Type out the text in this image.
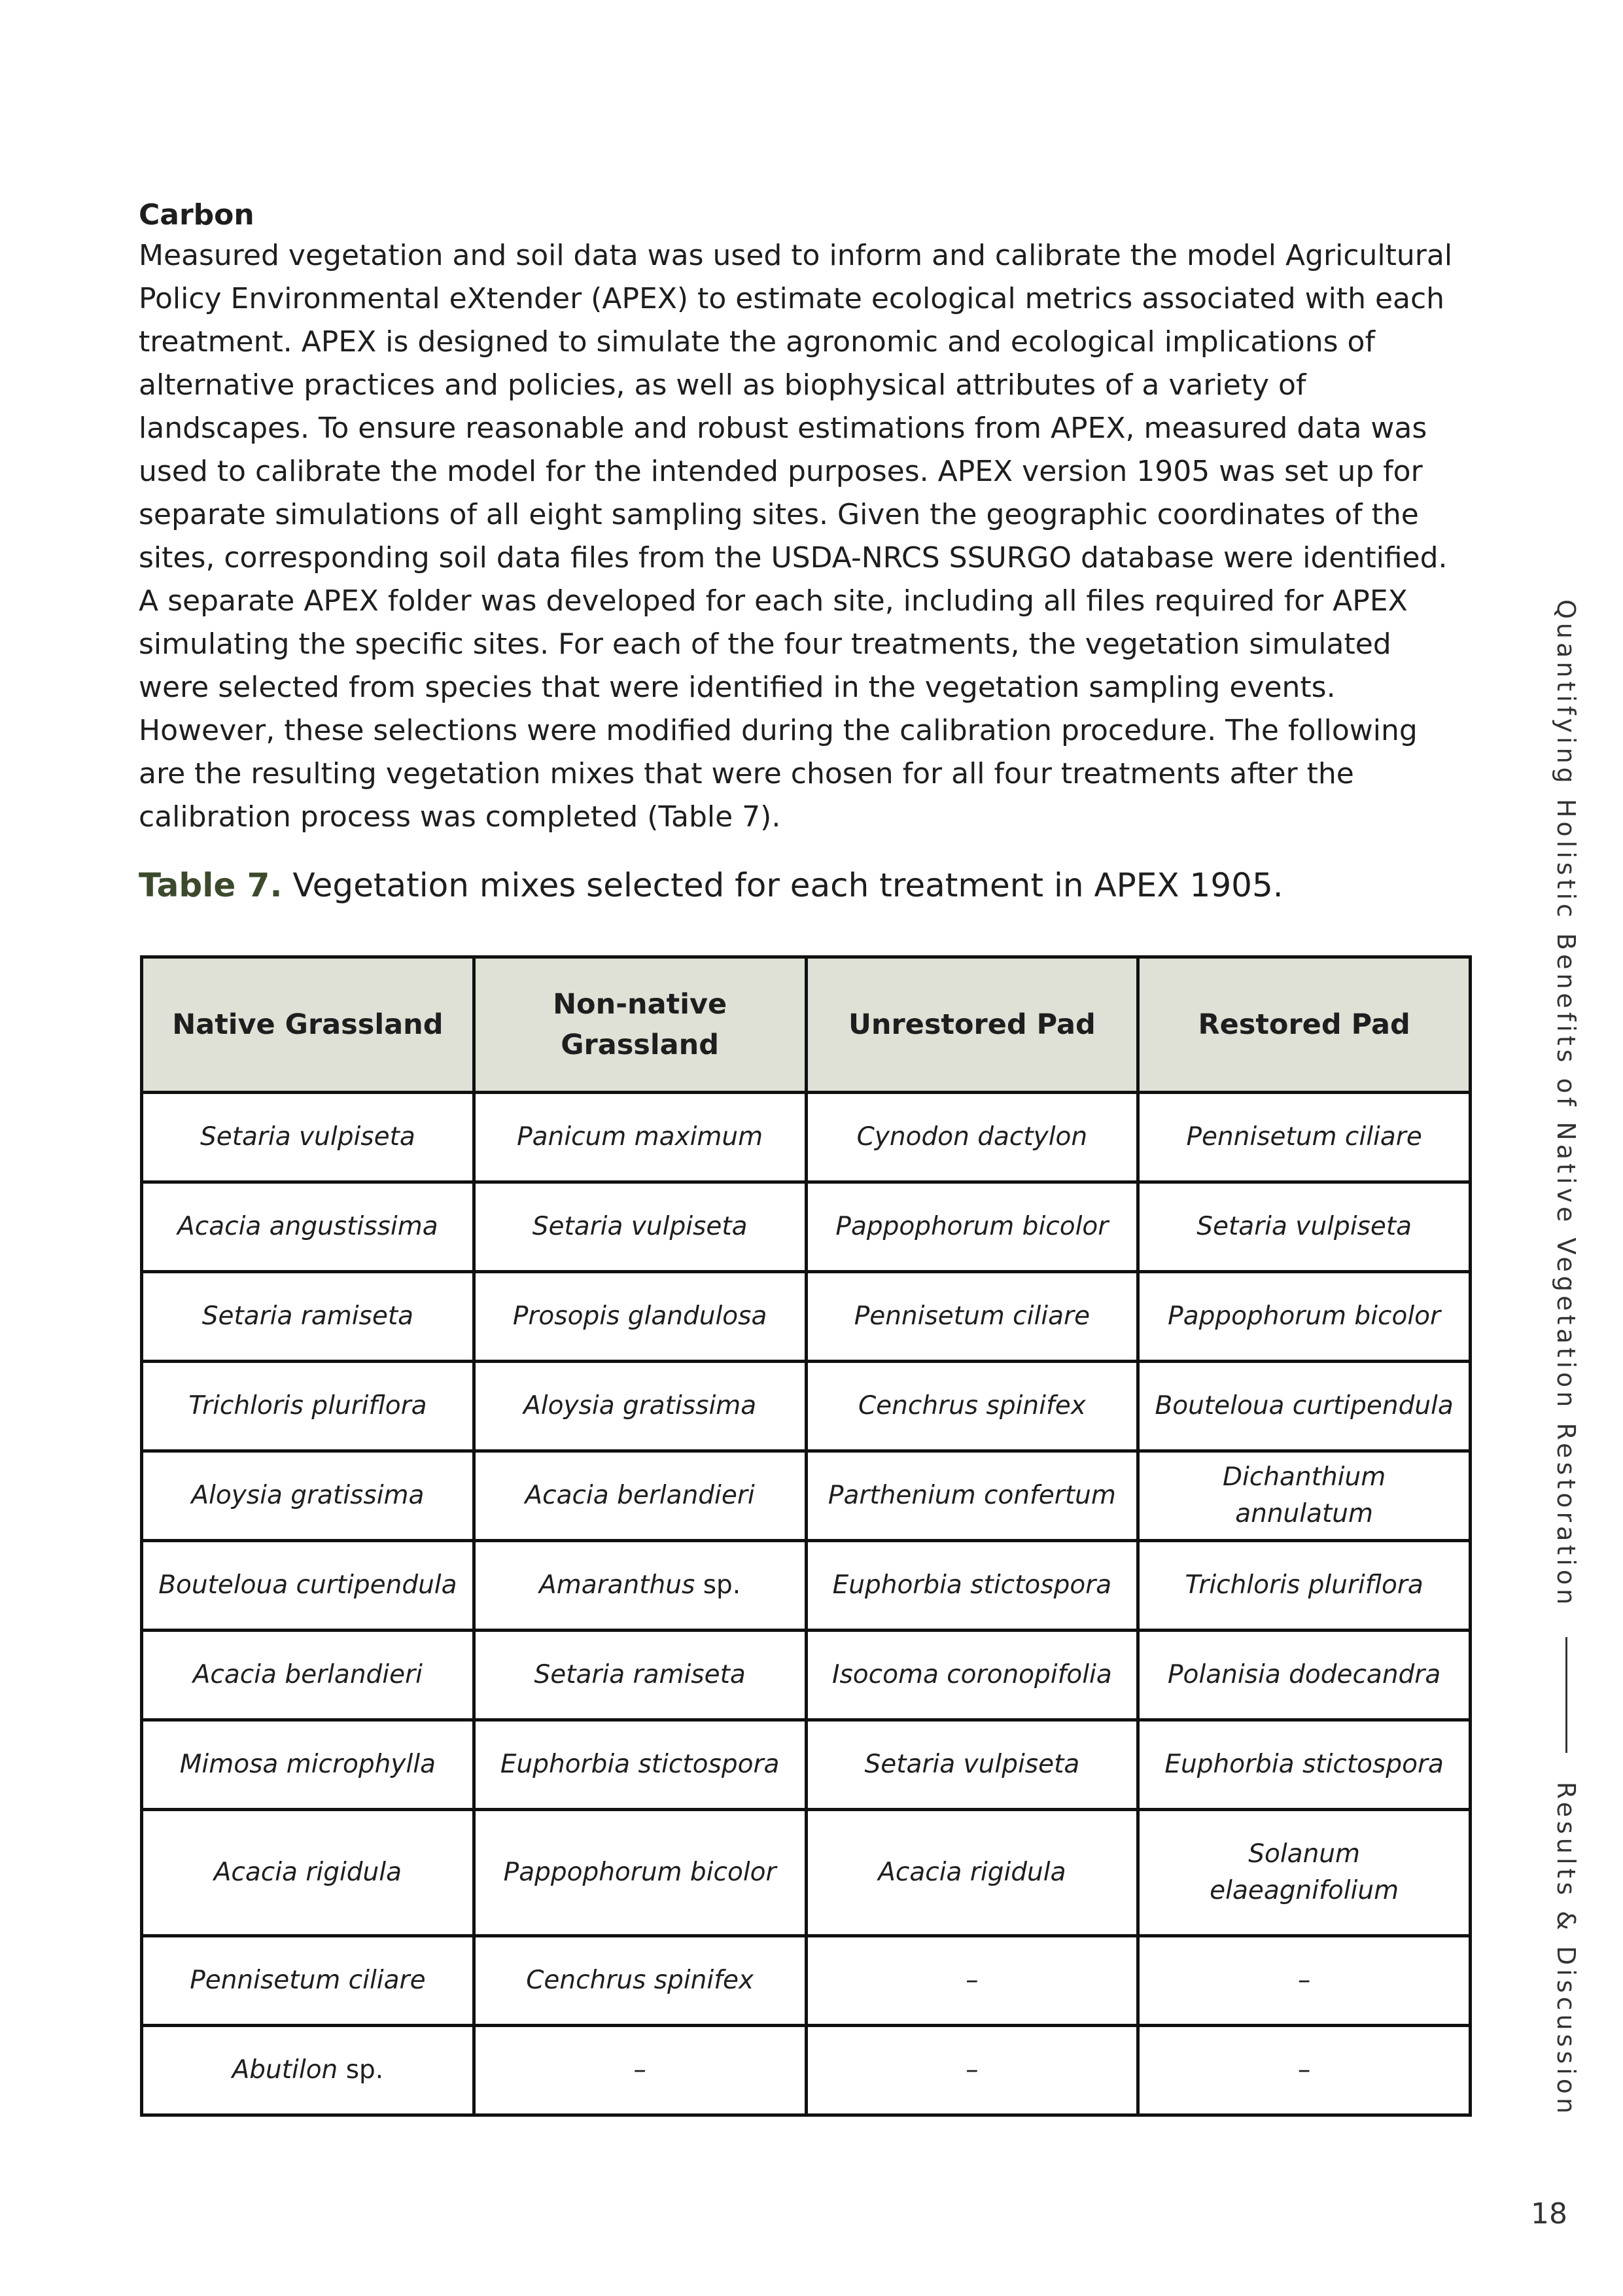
Carbon
Measured vegetation and soil data was used to inform and calibrate the model Agricultural Policy Environmental eXtender (APEX) to estimate ecological metrics associated with each treatment. APEX is designed to simulate the agronomic and ecological implications of alternative practices and policies, as well as biophysical attributes of a variety of landscapes. To ensure reasonable and robust estimations from APEX, measured data was used to calibrate the model for the intended purposes. APEX version 1905 was set up for separate simulations of all eight sampling sites. Given the geographic coordinates of the sites, corresponding soil data files from the USDA-NRCS SSURGO database were identified. A separate APEX folder was developed for each site, including all files required for APEX simulating the specific sites. For each of the four treatments, the vegetation simulated were selected from species that were identified in the vegetation sampling events. However, these selections were modified during the calibration procedure. The following are the resulting vegetation mixes that were chosen for all four treatments after the calibration process was completed (Table 7).
Table 7. Vegetation mixes selected for each treatment in APEX 1905.
Native Grassland	Non-native Grassland	Unrestored Pad	Restored Pad
Setaria vulpiseta	Panicum maximum	Cynodon dactylon	Pennisetum ciliare
Acacia angustissima	Setaria vulpiseta	Pappophorum bicolor	Setaria vulpiseta
Setaria ramiseta	Prosopis glandulosa	Pennisetum ciliare	Pappophorum bicolor
Trichloris pluriflora	Aloysia gratissima	Cenchrus spinifex	Bouteloua curtipendula
Aloysia gratissima	Acacia berlandieri	Parthenium confertum	Dichanthium annulatum
Bouteloua curtipendula	Amaranthus sp.	Euphorbia stictospora	Trichloris pluriflora
Acacia berlandieri	Setaria ramiseta	Isocoma coronopifolia	Polanisia dodecandra
Mimosa microphylla	Euphorbia stictospora	Setaria vulpiseta	Euphorbia stictospora
Acacia rigidula	Pappophorum bicolor	Acacia rigidula	Solanum elaeagnifolium
Pennisetum ciliare	Cenchrus spinifex	–	–
Abutilon sp.	–	–	–
Quantifying Holistic Benefits of Native Vegetation Restoration
Results & Discussion
18
